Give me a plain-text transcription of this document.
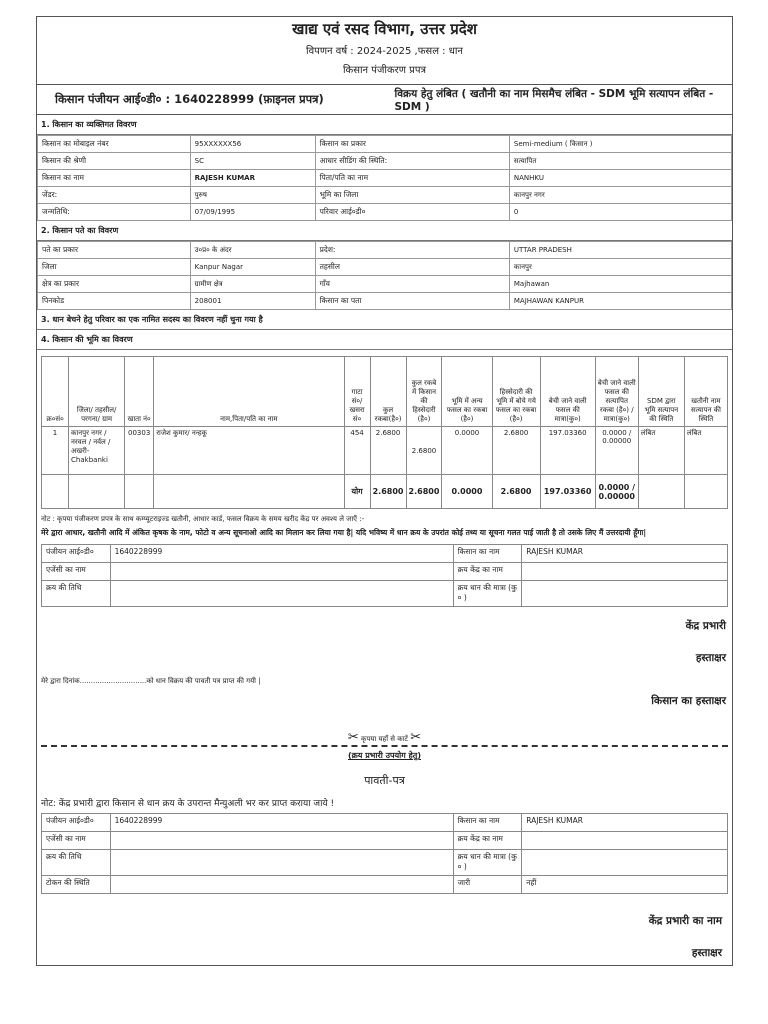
खाद्य एवं रसद विभाग, उत्तर प्रदेश
विपणन वर्ष : 2024-2025 ,फसल : धान
किसान पंजीकरण प्रपत्र
किसान पंजीयन आई०डी० : 1640228999 (फ़ाइनल प्रपत्र)	विक्रय हेतु लंबित ( खतौनी का नाम मिसमैच लंबित - SDM भूमि सत्यापन लंबित - SDM )
1. किसान का व्यक्तिगत विवरण
किसान का मोबाइल नंबर	95XXXXXX56	किसान का प्रकार	Semi-medium ( किसान )
किसान की श्रेणी	SC	आधार सीडिंग की स्थिति:	सत्यापित
किसान का नाम	RAJESH KUMAR	पिता/पति का नाम	NANHKU
जेंडर:	पुरुष	भूमि का जिला	कानपुर नगर
जन्मतिथि:	07/09/1995	परिवार आई०डी०	0
2. किसान पते का विवरण
पते का प्रकार	उ०प्र० के अंदर	प्रदेश:	UTTAR PRADESH
जिला	Kanpur Nagar	तहसील	कानपुर
क्षेत्र का प्रकार	ग्रामीण क्षेत्र	गाँव	Majhawan
पिनकोड	208001	किसान का पता	MAJHAWAN KANPUR
3. धान बेचने हेतु परिवार का एक नामित सदस्य का विवरण नहीं चुना गया है
4. किसान की भूमि का विवरण
क्र०सं०	जिला/ तहसील/ परगना/ ग्राम	खाता नं०	नाम,पिता/पति का नाम	गाटा सं०/ खसरा सं०	कुल रकबा(है०)	कुल रकबे में किसान की हिस्सेदारी (है०)	भूमि में अन्य फसल का रकबा (है०)	हिस्सेदारी की भूमि में बोये गये फसल का रकबा (है०)	बेची जाने वाली फसल की मात्रा(कु०)	बेची जाने वाली फसल की सत्यापित रकबा (है०) / मात्रा(कु०)	SDM द्वारा भूमि सत्यापन की स्थिति	खतौनी नाम सत्यापन की स्थिति
1	कानपुर नगर / नरवल / नर्वल / अखरी- Chakbanki	00303	राजेश कुमार/ नन्हकू	454	2.6800	2.6800	0.0000	2.6800	197.03360	0.0000 / 0.00000	लंबित	लंबित
				योग	2.6800	2.6800	0.0000	2.6800	197.03360	0.0000 / 0.00000		
नोट : कृपया पंजीकरण प्रपत्र के साथ कम्प्यूटराइज्ड खतौनी, आधार कार्ड, फसल विक्रय के समय खरीद केंद्र पर अवश्य ले जाएँ :-
मेरे द्वारा आधार, खतौनी आदि में अंकित कृषक के नाम, फोटो व अन्य सूचनाओ आदि का मिलान कर लिया गया है| यदि भविष्य में धान क्रय के उपरांत कोई तथ्य या सूचना गलत पाई जाती है तो उसके लिए मैं उत्तरदायी हूँगा|
पंजीयन आई०डी०	1640228999	किसान का नाम	RAJESH KUMAR
एजेंसी का नाम		क्रय केंद्र का नाम	
क्रय की तिथि		क्रय धान की मात्रा (कु ० )	
केंद्र प्रभारी
हस्ताक्षर
मेरे द्वारा दिनांक..............................को धान विक्रय की पावती पत्र प्राप्त की गयी |
किसान का हस्ताक्षर
✂ कृपया यहाँ से काटें ✂
(क्रय प्रभारी उपयोग हेतु)
पावती-पत्र
नोट: केंद्र प्रभारी द्वारा किसान से धान क्रय के उपरान्त मैन्युअली भर कर प्राप्त कराया जाये !
पंजीयन आई०डी०	1640228999	किसान का नाम	RAJESH KUMAR
एजेंसी का नाम		क्रय केंद्र का नाम	
क्रय की तिथि		क्रय धान की मात्रा (कु ० )	
टोकन की स्थिति		जारी	नहीं
केंद्र प्रभारी का नाम
हस्ताक्षर
